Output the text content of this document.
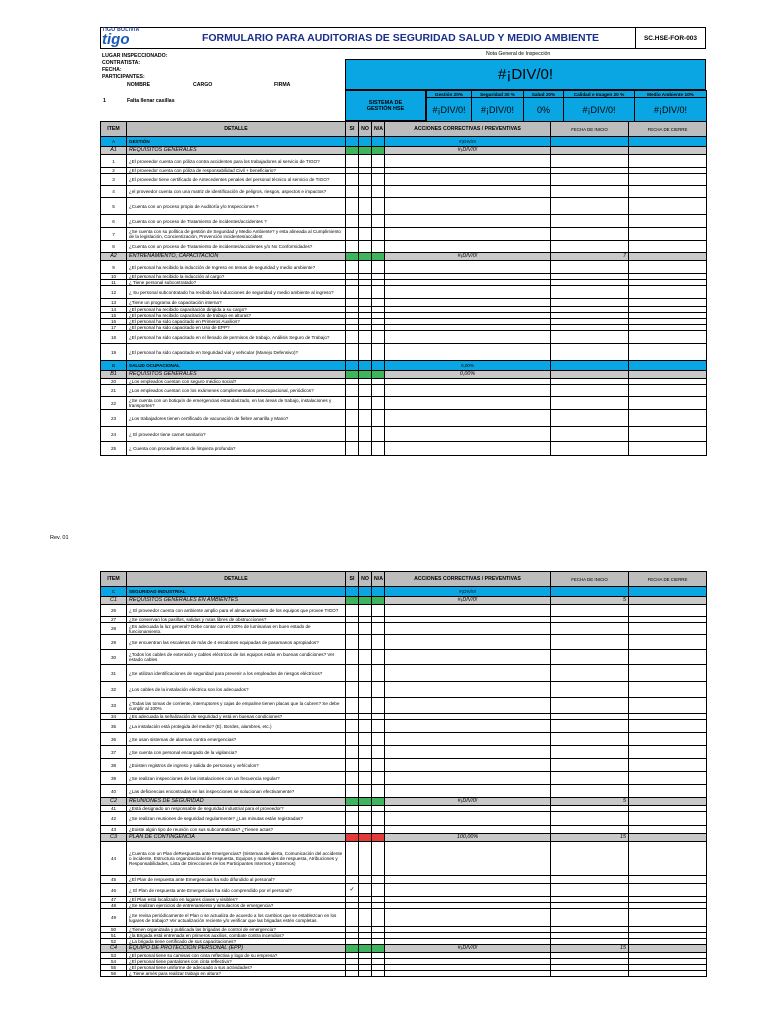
TIGO BOLIVIA
tigo	FORMULARIO PARA AUDITORIAS DE SEGURIDAD SALUD Y MEDIO AMBIENTE	SC.HSE-FOR-003
Nota General de Inspección
LUGAR INSPECCIONADO:
CONTRATISTA:
FECHA:
PARTICIPANTES:
NOMBRE	CARGO	FIRMA
1	Falta llenar casillas
#¡DIV/0!
SISTEMA DE GESTIÓN HSE
Gestión 20%	Seguridad 30 %	Salud 20%	Calidad e Imagen 20 %	Medio Ambiente 10%
#¡DIV/0!	#¡DIV/0!	0%	#¡DIV/0!	#¡DIV/0!
ITEM	DETALLE	SI	NO	N/A	ACCIONES CORRECTIVAS / PREVENTIVAS	FECHA DE INICIO	FECHA DE CIERRE
A	GESTIÓN				#¡DIV/0!		
A1	REQUISITOS GENERALES				#¡DIV/0!		
1	¿El proveedor cuenta con póliza contra accidentes para los trabajadores al servicio de TIGO?						
2	¿El proveedor cuenta con póliza de responsabilidad Civil + beneficiario?						
3	¿El proveedor tiene certificado de Antecedentes penales del personal técnico al servicio de TIGO?						
4	¿el proveedor cuenta con una matriz de identificación de peligros, riesgos, aspectos e impactos?						
5	¿Cuenta con un proceso propio de Auditoría y/o Inspecciones ?						
6	¿Cuenta con un proceso de Tratamiento de incidentes/accidentes ?						
7	¿Se cuenta con su política de gestión de Seguridad y Medio Ambiente? y esta alineada al Cumplimiento de la legislación, Concientización, Prevención incidentes/accident						
8	¿Cuenta con un proceso de Tratamiento de incidentes/accidentes y/o No Conformidades?						
A2	ENTRENAMIENTO, CAPACITACION				#¡DIV/0!	7	
9	¿El personal ha recibido la inducción de Ingreso en temas de seguridad y medio ambiente?						
10	¿El personal ha recibido la inducción al cargo?						
11	¿ Tiene personal subcontratado?						
12	¿ Su personal subcontratado ha recibido las inducciones de seguridad y medio ambiente al ingreso?						
13	¿Tiene un programa de capacitación interna?						
14	¿El personal ha recibido capacitación dirigida a su cargo?						
15	¿El personal ha recibido capacitación de trabajo en alturas?						
16	¿El personal ha sido capacitado en Primeros Auxilios?						
17	¿El personal ha sido capacitado en Uso de EPP?						
18	¿El personal ha sido capacitado en el llenado de permisos de trabajo, Análisis Seguro de Trabajo?						
19	¿El personal ha sido capacitado en Seguridad vial y vehicular (Manejo Defensivo)?						
B	SALUD OCUPACIONAL				0,00%		
B1	REQUISITOS GENERALES				0,00%		
20	¿Los empleados cuentan con seguro médico social?						
21	¿Los empleados cuentan con los exámenes complementarios preocupacional, periódicos?						
22	¿Se cuenta con un botiquín de emergencias estandarizado, en las áreas de trabajo, instalaciones y transportes?						
23	¿Los trabajadores tienen certificado de vacunación de fiebre amarilla y Mano?						
24	¿ El proveedor tiene carnet sanitario?						
25	¿ Cuenta con procedimientos de limpieza profunda?						
Rev. 01
ITEM	DETALLE	SI	NO	N/A	ACCIONES CORRECTIVAS / PREVENTIVAS	FECHA DE INICIO	FECHA DE CIERRE
C	SEGURIDAD INDUSTRIAL				#¡DIV/0!		
C1	REQUISITOS GENERALES EN AMBIENTES				#¡DIV/0!	5	
26	¿ El proveedor cuenta con ambiente amplio para el almacenamiento de los equipos que provee TIGO?						
27	¿Se conservan los pasillos, salidas y rutas libres de obstrucciones?						
28	¿Es adecuada la luz general? Debe contar con el 100% de luminarias en buen estado de funcionamiento.						
29	¿Se encuentran las escaleras de más de 4 escalones equipadas de pasamanos apropiados?						
30	¿Todos los cables de extensión y cables eléctricos de los equipos están en buenas condiciones? Ver estado cables						
31	¿Se utilizan identificaciones de seguridad para prevenir a los empleados de riesgos eléctricos?						
32	¿Los cables de la instalación eléctrica son los adecuados?						
33	¿Todas las tomas de corriente, interruptores y cajas de empalme tienen placas que la cubren? Se debe cumplir al 100%						
34	¿Es adecuada la señalización de seguridad y está en buenas condiciones?						
35	¿La instalación está protegida del medio? (E). Bordes, alambres, etc.)						
36	¿Se usan sistemas de alarmas contra emergencias?						
37	¿Se cuenta con personal encargado de la vigilancia?						
38	¿Existen registros de ingreso y salida de personas y vehículos?						
39	¿Se realizan inspecciones de las instalaciones con un frecuencia regular?						
40	¿Las deficiencias encontradas en las inspecciones se solucionan efectivamente?						
C2	REUNIONES DE SEGURIDAD				#¡DIV/0!	5	
41	¿Está designado un responsable de seguridad industrial para el proveedor?						
42	¿Se realizan reuniones de seguridad regularmente? ¿Las minutas están registradas?						
43	¿Existe algún tipo de reunión con sus subcontratistas? ¿Tienen actas?						
C3	PLAN DE CONTINGENCIA				100,00%	15	
44	¿Cuenta con un Plan deRespuesta ante Emergencias? (Sistemas de alerta, Comunicación del accidente o incidente, Estructura organizacional de respuesta, Equipos y materiales de respuesta, Atribuciones y Responsabilidades, Lista de Direcciones de los Participantes Internos y Externos)						
45	¿El Plan de respuesta ante Emergencias ha sido difundido al personal?						
46	¿ El Plan de respuesta ante Emergencias ha sido comprendido por el personal?	✓					
47	¿El Plan está localizado en lugares claves y visibles?						
48	¿Se realizan ejercicios de entrenamiento y simulacros de emergencia?						
49	¿Se revisa periódicamente el Plan o se actualiza de acuerdo a los cambios que se establezcan en los lugares de trabajo? Ver actualización reciente y/o verificar que las brigadas estén completas.						
50	¿Tienen organizada y publicada las brigadas de control de emergencia?						
51	¿la Brigada está entrenada en primeros auxilios, combate contra incendios?						
52	¿La brigada tiene certificado de sus capacitaciones?						
C4	EQUIPO DE PROTECCION PERSONAL (EPP)				#¡DIV/0!	15	
53	¿El personal tiene su camisas con cinta reflectiva y logo de su empresa?						
54	¿El personal tiene pantalones con cinta reflectiva?						
55	¿El personal tiene uniforme de adecuado a sus actividades?						
56	¿ Tiene arnés para realizar trabajo en altura?						
